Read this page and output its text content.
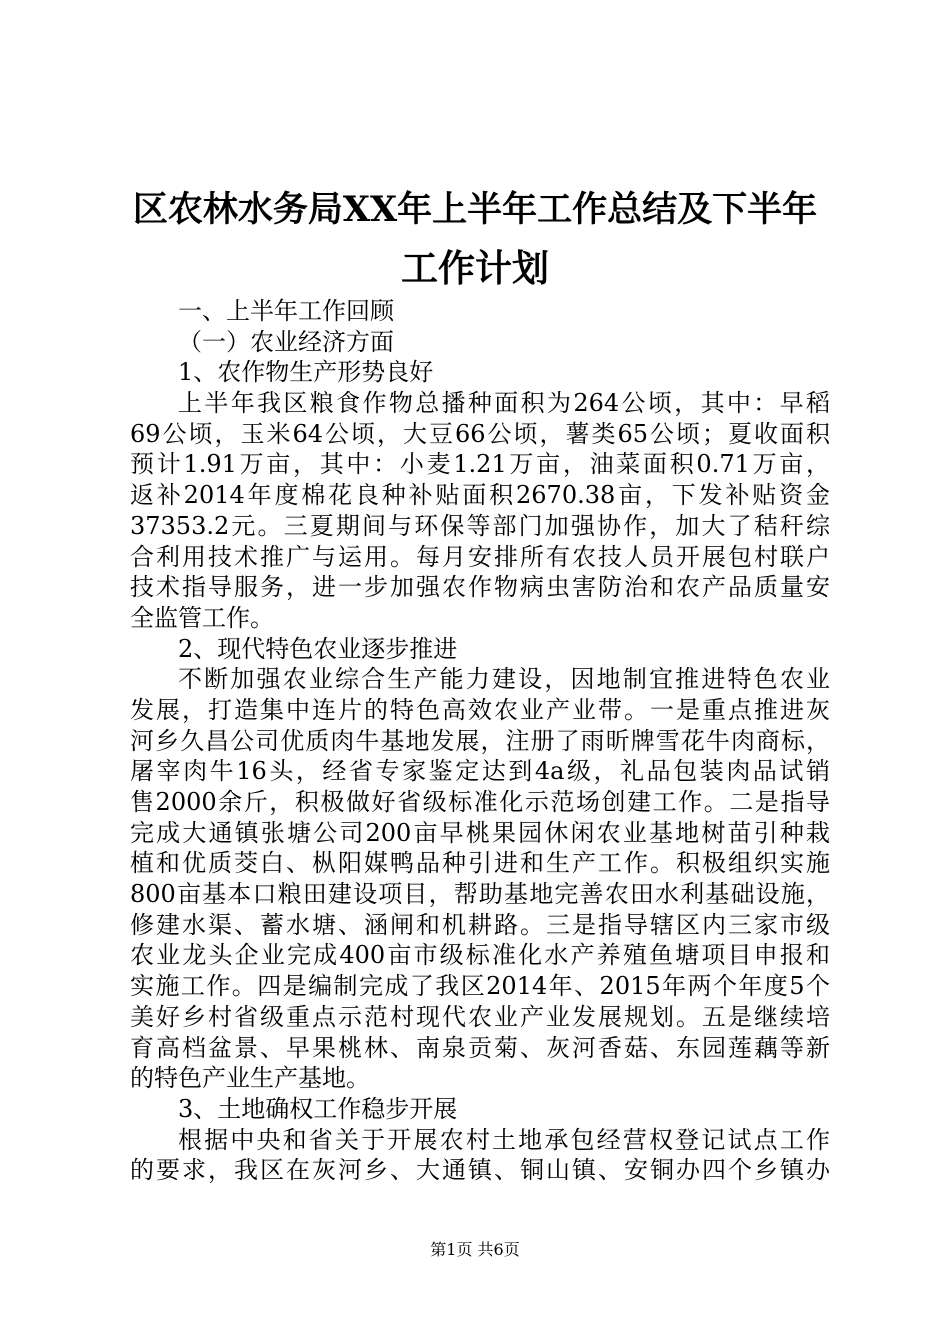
区农林水务局XX年上半年工作总结及下半年
工作计划
一、上半年工作回顾
（一）农业经济方面
1、农作物生产形势良好
上半年我区粮食作物总播种面积为264公顷，其中：早稻
69公顷，玉米64公顷，大豆66公顷，薯类65公顷；夏收面积
预计1.91万亩，其中：小麦1.21万亩，油菜面积0.71万亩，
返补2014年度棉花良种补贴面积2670.38亩，下发补贴资金
37353.2元。三夏期间与环保等部门加强协作，加大了秸秆综
合利用技术推广与运用。每月安排所有农技人员开展包村联户
技术指导服务，进一步加强农作物病虫害防治和农产品质量安
全监管工作。
2、现代特色农业逐步推进
不断加强农业综合生产能力建设，因地制宜推进特色农业
发展，打造集中连片的特色高效农业产业带。一是重点推进灰
河乡久昌公司优质肉牛基地发展，注册了雨昕牌雪花牛肉商标，
屠宰肉牛16头，经省专家鉴定达到4a级，礼品包装肉品试销
售2000余斤，积极做好省级标准化示范场创建工作。二是指导
完成大通镇张塘公司200亩早桃果园休闲农业基地树苗引种栽
植和优质茭白、枞阳媒鸭品种引进和生产工作。积极组织实施
800亩基本口粮田建设项目，帮助基地完善农田水利基础设施，
修建水渠、蓄水塘、涵闸和机耕路。三是指导辖区内三家市级
农业龙头企业完成400亩市级标准化水产养殖鱼塘项目申报和
实施工作。四是编制完成了我区2014年、2015年两个年度5个
美好乡村省级重点示范村现代农业产业发展规划。五是继续培
育高档盆景、早果桃林、南泉贡菊、灰河香菇、东园莲藕等新
的特色产业生产基地。
3、土地确权工作稳步开展
根据中央和省关于开展农村土地承包经营权登记试点工作
的要求，我区在灰河乡、大通镇、铜山镇、安铜办四个乡镇办
第1页 共6页
